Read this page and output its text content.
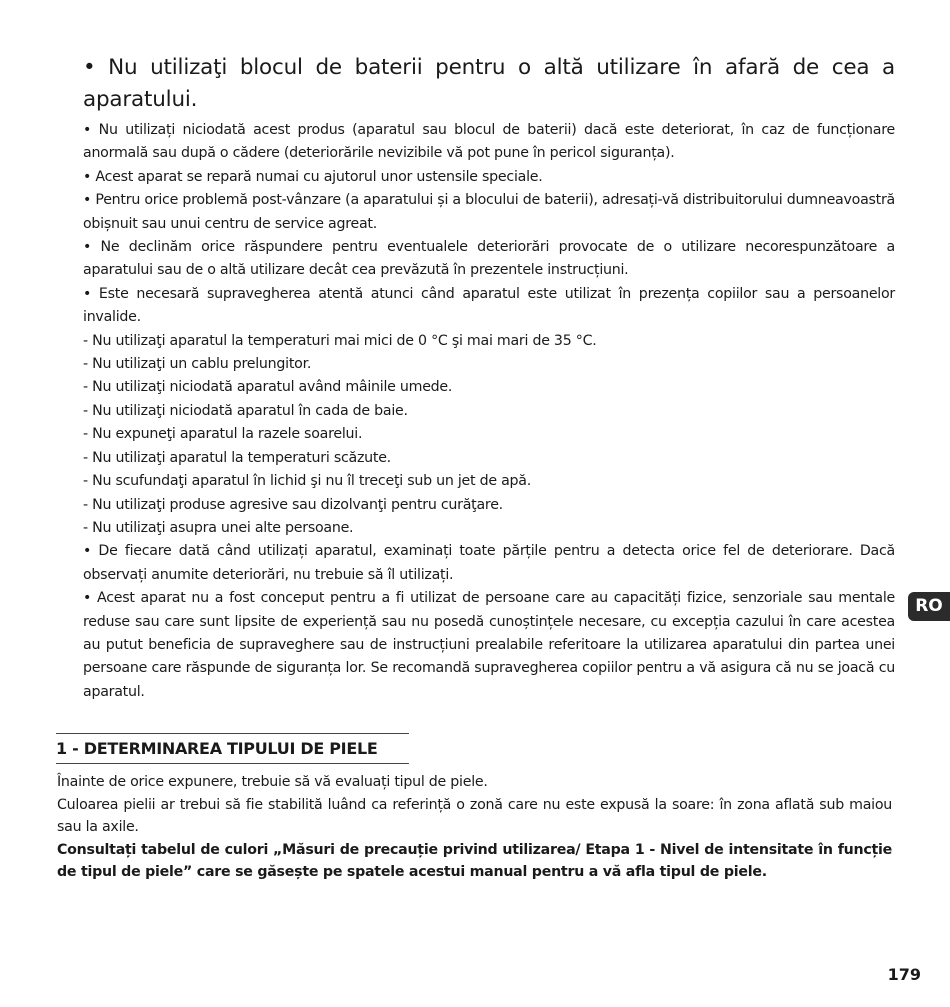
• Nu utilizaţi blocul de baterii pentru o altă utilizare în afară de cea a aparatului.

• Nu utilizați niciodată acest produs (aparatul sau blocul de baterii) dacă este deteriorat, în caz de funcționare anormală sau după o cădere (deteriorările nevizibile vă pot pune în pericol siguranța).

• Acest aparat se repară numai cu ajutorul unor ustensile speciale.

• Pentru orice problemă post-vânzare (a aparatului și a blocului de baterii), adresați-vă distribuitorului dumneavoastră obișnuit sau unui centru de service agreat.

• Ne declinăm orice răspundere pentru eventualele deteriorări provocate de o utilizare necorespunzătoare a aparatului sau de o altă utilizare decât cea prevăzută în prezentele instrucțiuni.

• Este necesară supravegherea atentă atunci când aparatul este utilizat în prezența copiilor sau a persoanelor invalide.

- Nu utilizaţi aparatul la temperaturi mai mici de 0 °C şi mai mari de 35 °C.

- Nu utilizaţi un cablu prelungitor.

- Nu utilizaţi niciodată aparatul având mâinile umede.

- Nu utilizaţi niciodată aparatul în cada de baie.

- Nu expuneţi aparatul la razele soarelui.

- Nu utilizaţi aparatul la temperaturi scăzute.

- Nu scufundaţi aparatul în lichid şi nu îl treceţi sub un jet de apă.

- Nu utilizaţi produse agresive sau dizolvanţi pentru curăţare.

- Nu utilizaţi asupra unei alte persoane.

• De fiecare dată când utilizați aparatul, examinați toate părțile pentru a detecta orice fel de deteriorare. Dacă observați anumite deteriorări, nu trebuie să îl utilizați.

• Acest aparat nu a fost conceput pentru a fi utilizat de persoane care au capacități fizice, senzoriale sau mentale reduse sau care sunt lipsite de experiență sau nu posedă cunoștințele necesare, cu excepția cazului în care acestea au putut beneficia de supraveghere sau de instrucțiuni prealabile referitoare la utilizarea aparatului din partea unei persoane care răspunde de siguranța lor. Se recomandă supravegherea copiilor pentru a vă asigura că nu se joacă cu aparatul.

1 - DETERMINAREA TIPULUI DE PIELE

Înainte de orice expunere, trebuie să vă evaluați tipul de piele.

Culoarea pielii ar trebui să fie stabilită luând ca referință o zonă care nu este expusă la soare: în zona aflată sub maiou sau la axile.

Consultați tabelul de culori „Măsuri de precauție privind utilizarea/ Etapa 1 - Nivel de intensitate în funcție de tipul de piele” care se găsește pe spatele acestui manual pentru a vă afla tipul de piele.

RO
179
